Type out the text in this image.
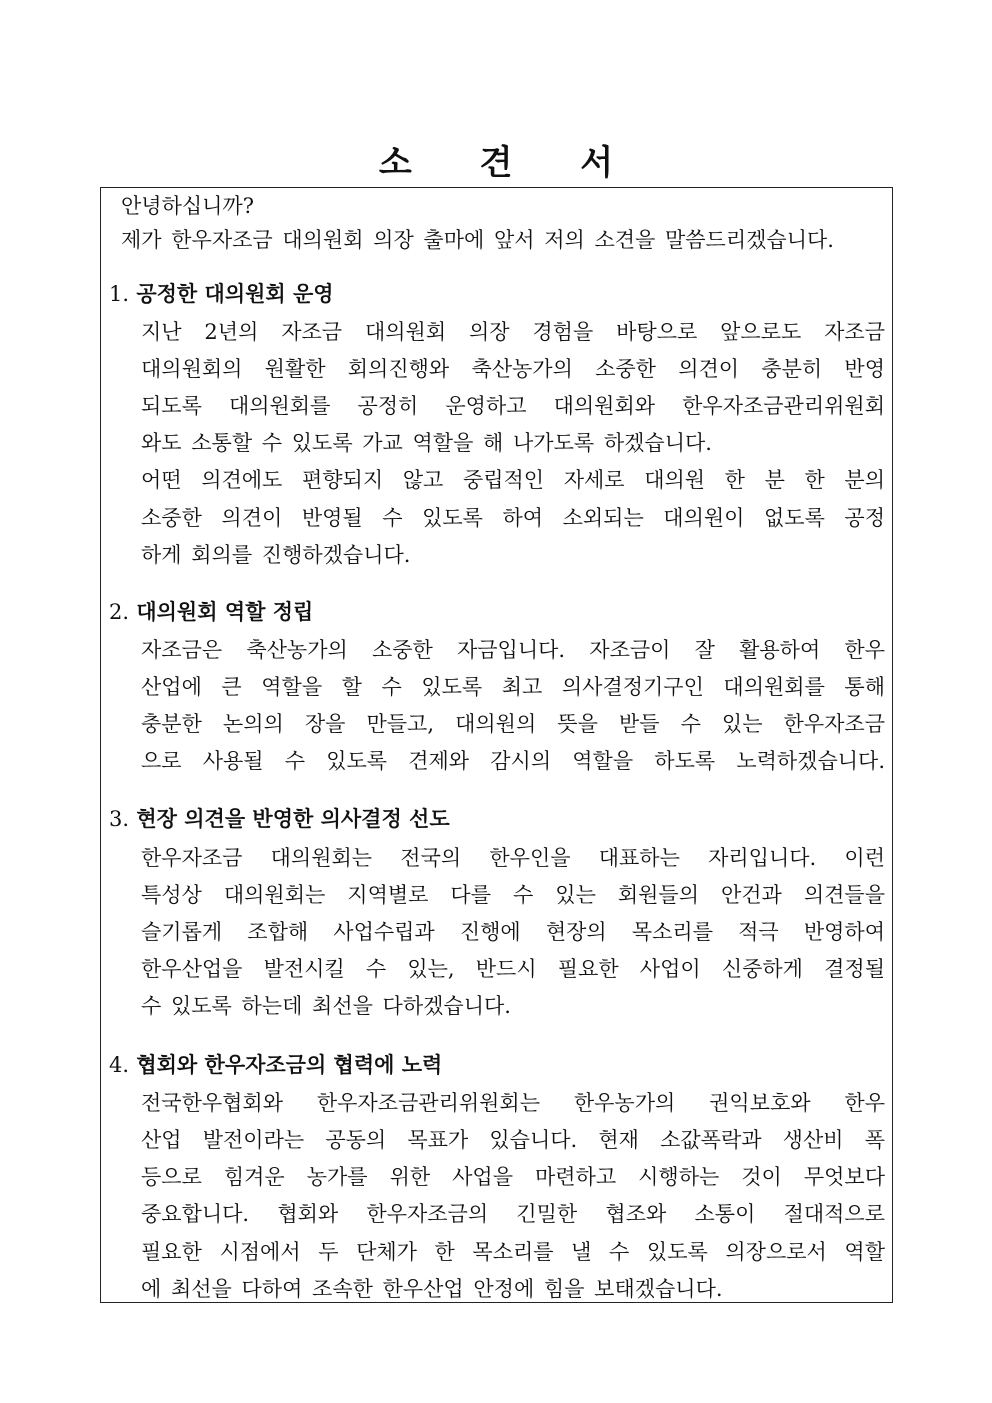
소 견 서
안녕하십니까?
제가 한우자조금 대의원회 의장 출마에 앞서 저의 소견을 말씀드리겠습니다.
1. 공정한 대의원회 운영
지난 2년의 자조금 대의원회 의장 경험을 바탕으로 앞으로도 자조금
대의원회의 원활한 회의진행와 축산농가의 소중한 의견이 충분히 반영
되도록 대의원회를 공정히 운영하고 대의원회와 한우자조금관리위원회
와도 소통할 수 있도록 가교 역할을 해 나가도록 하겠습니다.
어떤 의견에도 편향되지 않고 중립적인 자세로 대의원 한 분 한 분의
소중한 의견이 반영될 수 있도록 하여 소외되는 대의원이 없도록 공정
하게 회의를 진행하겠습니다.
2. 대의원회 역할 정립
자조금은 축산농가의 소중한 자금입니다. 자조금이 잘 활용하여 한우
산업에 큰 역할을 할 수 있도록 최고 의사결정기구인 대의원회를 통해
충분한 논의의 장을 만들고, 대의원의 뜻을 받들 수 있는 한우자조금
으로 사용될 수 있도록 견제와 감시의 역할을 하도록 노력하겠습니다.
3. 현장 의견을 반영한 의사결정 선도
한우자조금 대의원회는 전국의 한우인을 대표하는 자리입니다. 이런
특성상 대의원회는 지역별로 다를 수 있는 회원들의 안건과 의견들을
슬기롭게 조합해 사업수립과 진행에 현장의 목소리를 적극 반영하여
한우산업을 발전시킬 수 있는, 반드시 필요한 사업이 신중하게 결정될
수 있도록 하는데 최선을 다하겠습니다.
4. 협회와 한우자조금의 협력에 노력
전국한우협회와 한우자조금관리위원회는 한우농가의 권익보호와 한우
산업 발전이라는 공동의 목표가 있습니다. 현재 소값폭락과 생산비 폭
등으로 힘겨운 농가를 위한 사업을 마련하고 시행하는 것이 무엇보다
중요합니다. 협회와 한우자조금의 긴밀한 협조와 소통이 절대적으로
필요한 시점에서 두 단체가 한 목소리를 낼 수 있도록 의장으로서 역할
에 최선을 다하여 조속한 한우산업 안정에 힘을 보태겠습니다.
